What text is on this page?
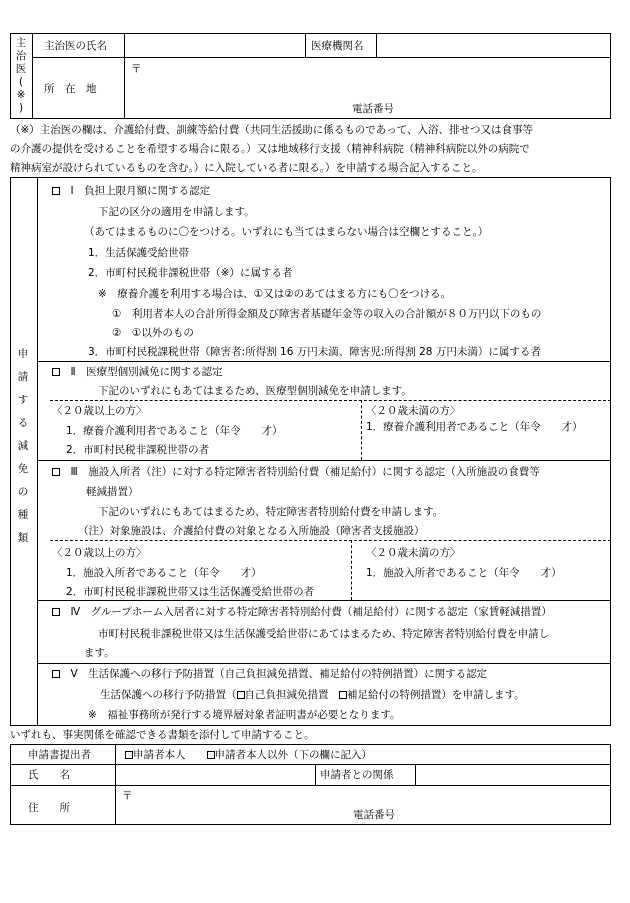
主
治
医
(
※
)
主治医の氏名	医療機関名
所　在　地
〒
電話番号
（※）主治医の欄は、介護給付費、訓練等給付費（共同生活援助に係るものであって、入浴、排せつ又は食事等
の介護の提供を受けることを希望する場合に限る。）又は地域移行支援（精神科病院（精神科病院以外の病院で
精神病室が設けられているものを含む。）に入院している者に限る。）を申請する場合記入すること。
申
請
す
る
減
免
の
種
類
　Ⅰ　負担上限月額に関する認定
下記の区分の適用を申請します。
（あてはまるものに〇をつける。いずれにも当てはまらない場合は空欄とすること。）
1．生活保護受給世帯
2．市町村民税非課税世帯（※）に属する者
※　療養介護を利用する場合は、①又は②のあてはまる方にも〇をつける。
①　利用者本人の合計所得金額及び障害者基礎年金等の収入の合計額が８０万円以下のもの
②　①以外のもの
3．市町村民税課税世帯（障害者:所得割 16 万円未満、障害児:所得割 28 万円未満）に属する者
　Ⅱ　医療型個別減免に関する認定
下記のいずれにもあてはまるため、医療型個別減免を申請します。
〈２０歳以上の方〉
1．療養介護利用者であること（年令　　才）
2．市町村民税非課税世帯の者
〈２０歳未満の方〉
1．療養介護利用者であること（年令　　才）
　Ⅲ　施設入所者（注）に対する特定障害者特別給付費（補足給付）に関する認定（入所施設の食費等
軽減措置）
下記のいずれにもあてはまるため、特定障害者特別給付費を申請します。
（注）対象施設は、介護給付費の対象となる入所施設（障害者支援施設）
〈２０歳以上の方〉
1．施設入所者であること（年令　　才）
2．市町村民税非課税世帯又は生活保護受給世帯の者
〈２０歳未満の方〉
1．施設入所者であること（年令　　才）
　Ⅳ　グループホーム入居者に対する特定障害者特別給付費（補足給付）に関する認定（家賃軽減措置）
市町村民税非課税世帯又は生活保護受給世帯にあてはまるため、特定障害者特別給付費を申請し
ます。
　Ⅴ　生活保護への移行予防措置（自己負担減免措置、補足給付の特例措置）に関する認定
生活保護への移行予防措置（ 自己負担減免措置　補足給付の特例措置）を申請します。
※　福祉事務所が発行する境界層対象者証明書が必要となります。
いずれも、事実関係を確認できる書類を添付して申請すること。
申請書提出者	申請者本人　　	申請者本人以外（下の欄に記入）
氏　　名	申請者との関係
住　　所
〒
電話番号
